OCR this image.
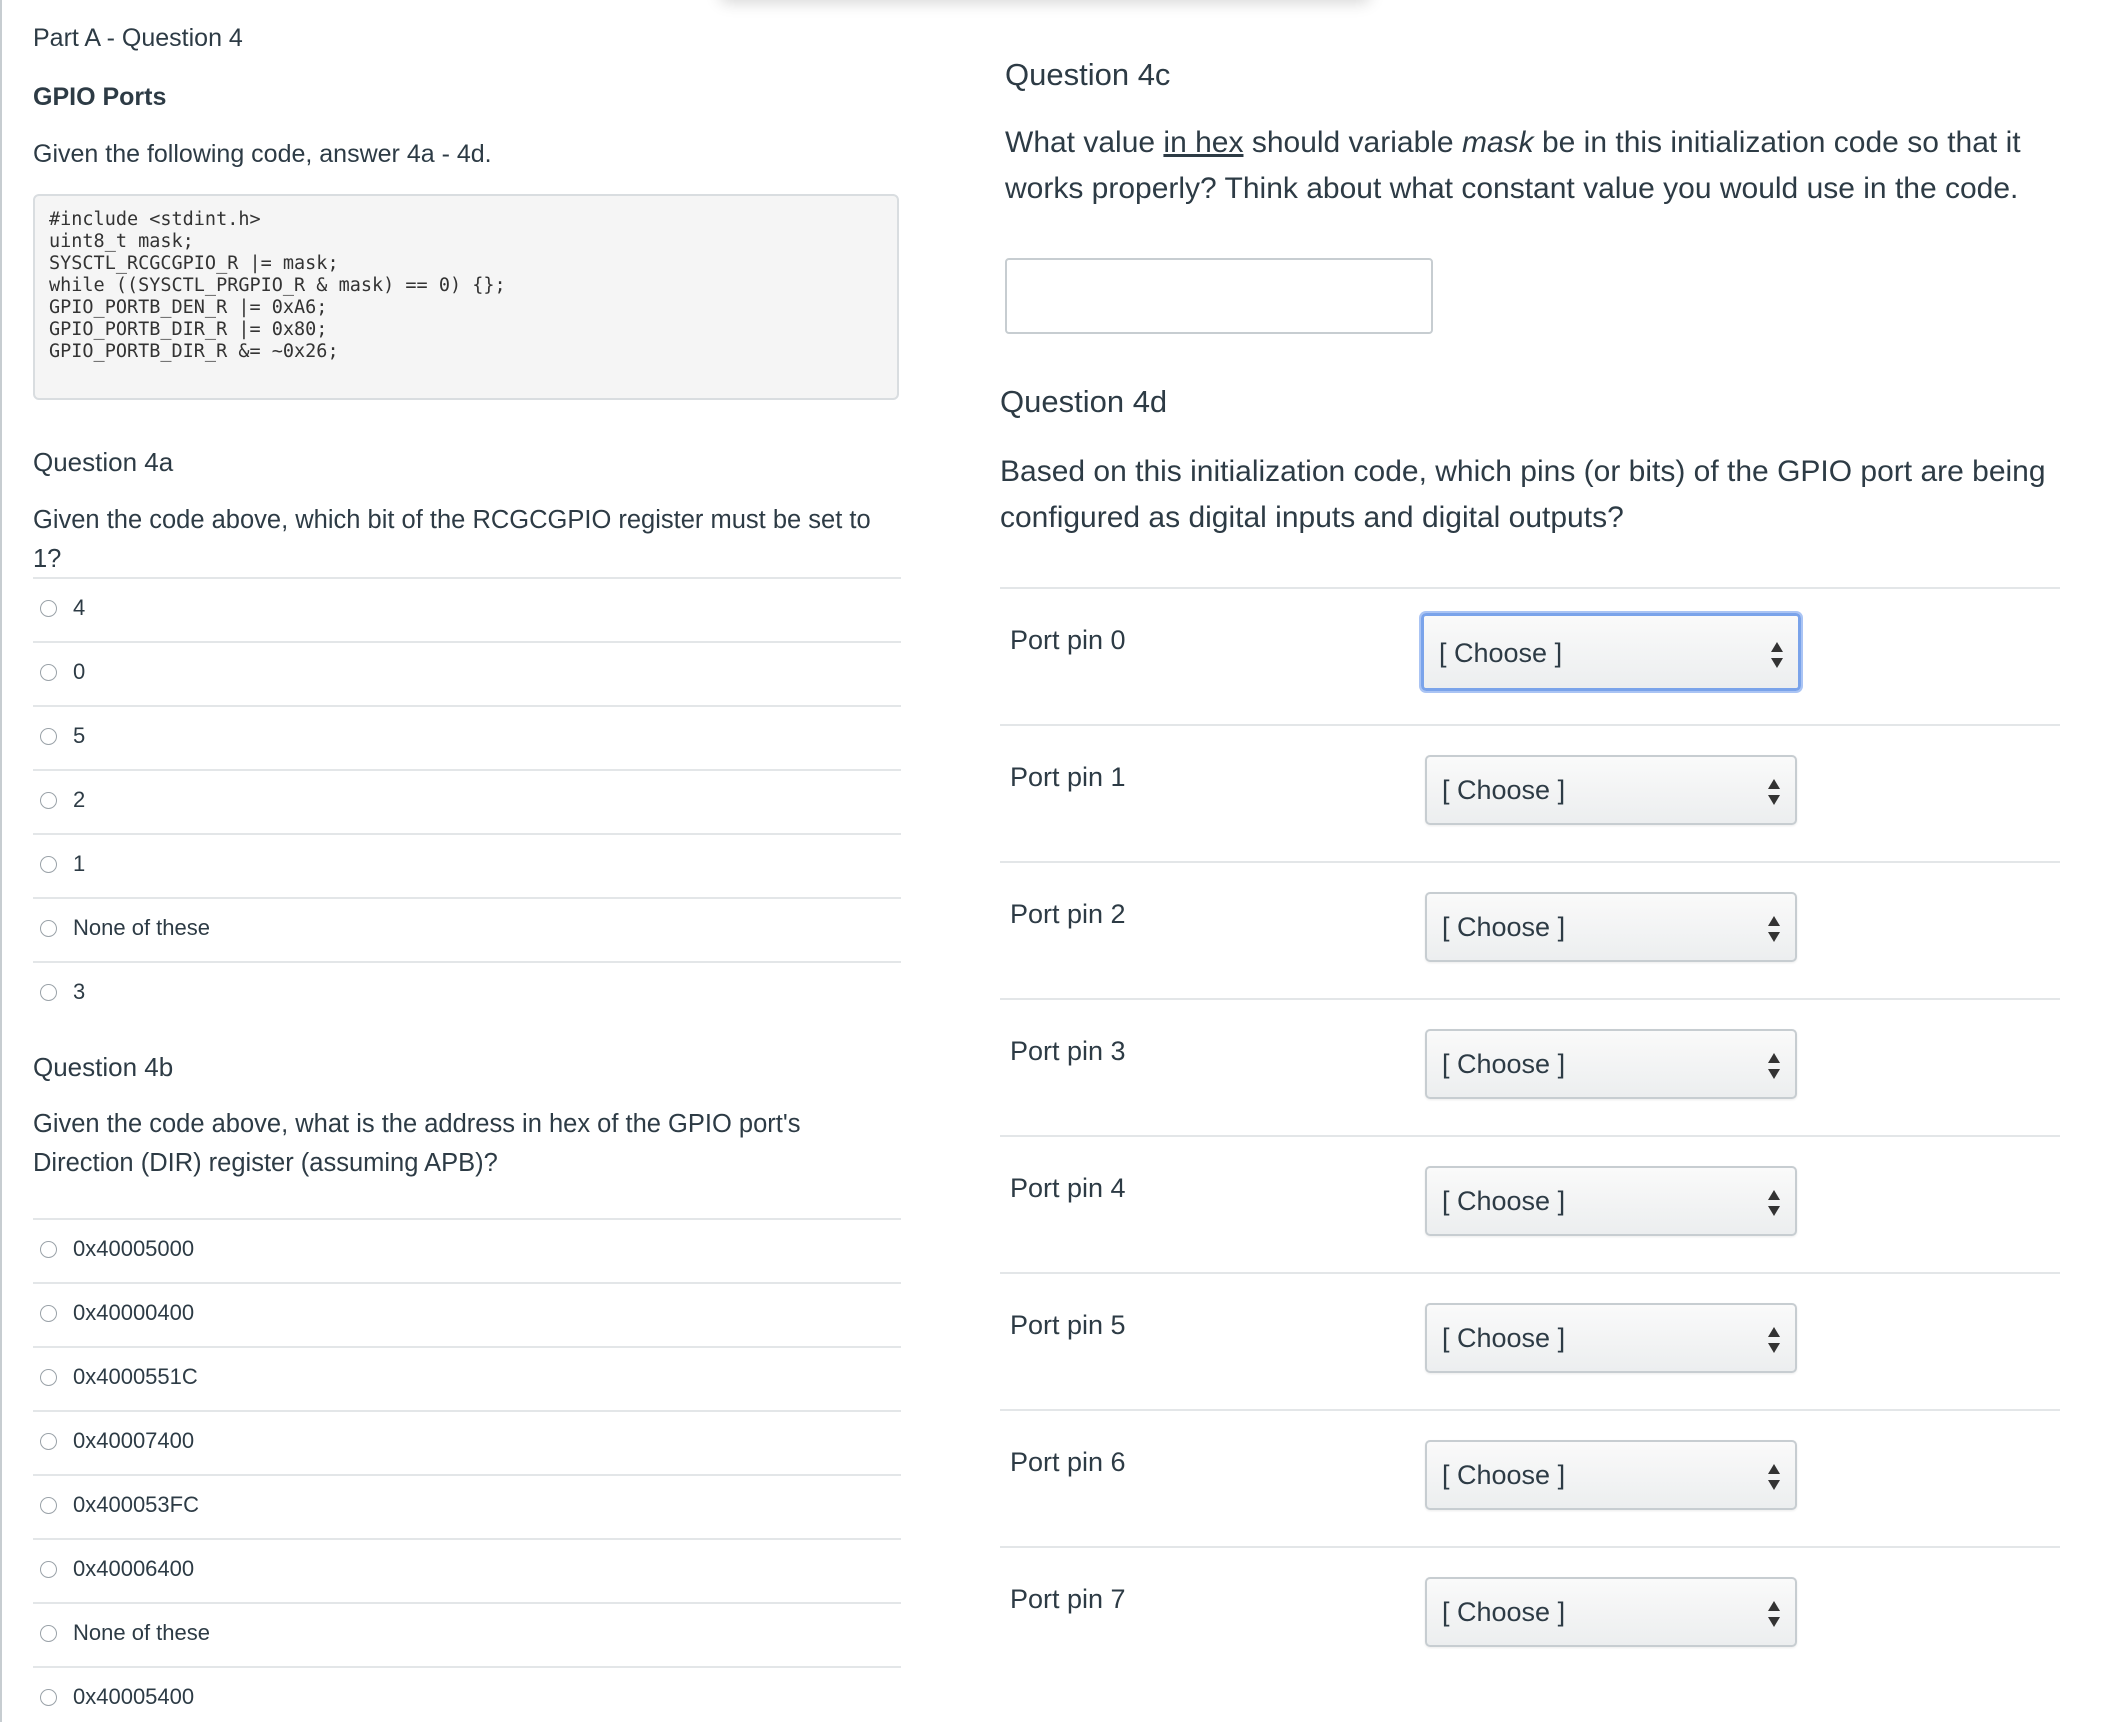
Part A - Question 4
GPIO Ports
Given the following code, answer 4a - 4d.
#include <stdint.h>
uint8_t mask;
SYSCTL_RCGCGPIO_R |= mask;
while ((SYSCTL_PRGPIO_R & mask) == 0) {};
GPIO_PORTB_DEN_R |= 0xA6;
GPIO_PORTB_DIR_R |= 0x80;
GPIO_PORTB_DIR_R &= ~0x26;
Question 4a
Given the code above, which bit of the RCGCGPIO register must be set to 1?
4
0
5
2
1
None of these
3
Question 4b
Given the code above, what is the address in hex of the GPIO port's Direction (DIR) register (assuming APB)?
0x40005000
0x40000400
0x4000551C
0x40007400
0x400053FC
0x40006400
None of these
0x40005400
Question 4c
What value in hex should variable mask be in this initialization code so that it works properly? Think about what constant value you would use in the code.
Question 4d
Based on this initialization code, which pins (or bits) of the GPIO port are being configured as digital inputs and digital outputs?
Port pin 0	[ Choose ]
Port pin 1	[ Choose ]
Port pin 2	[ Choose ]
Port pin 3	[ Choose ]
Port pin 4	[ Choose ]
Port pin 5	[ Choose ]
Port pin 6	[ Choose ]
Port pin 7	[ Choose ]
